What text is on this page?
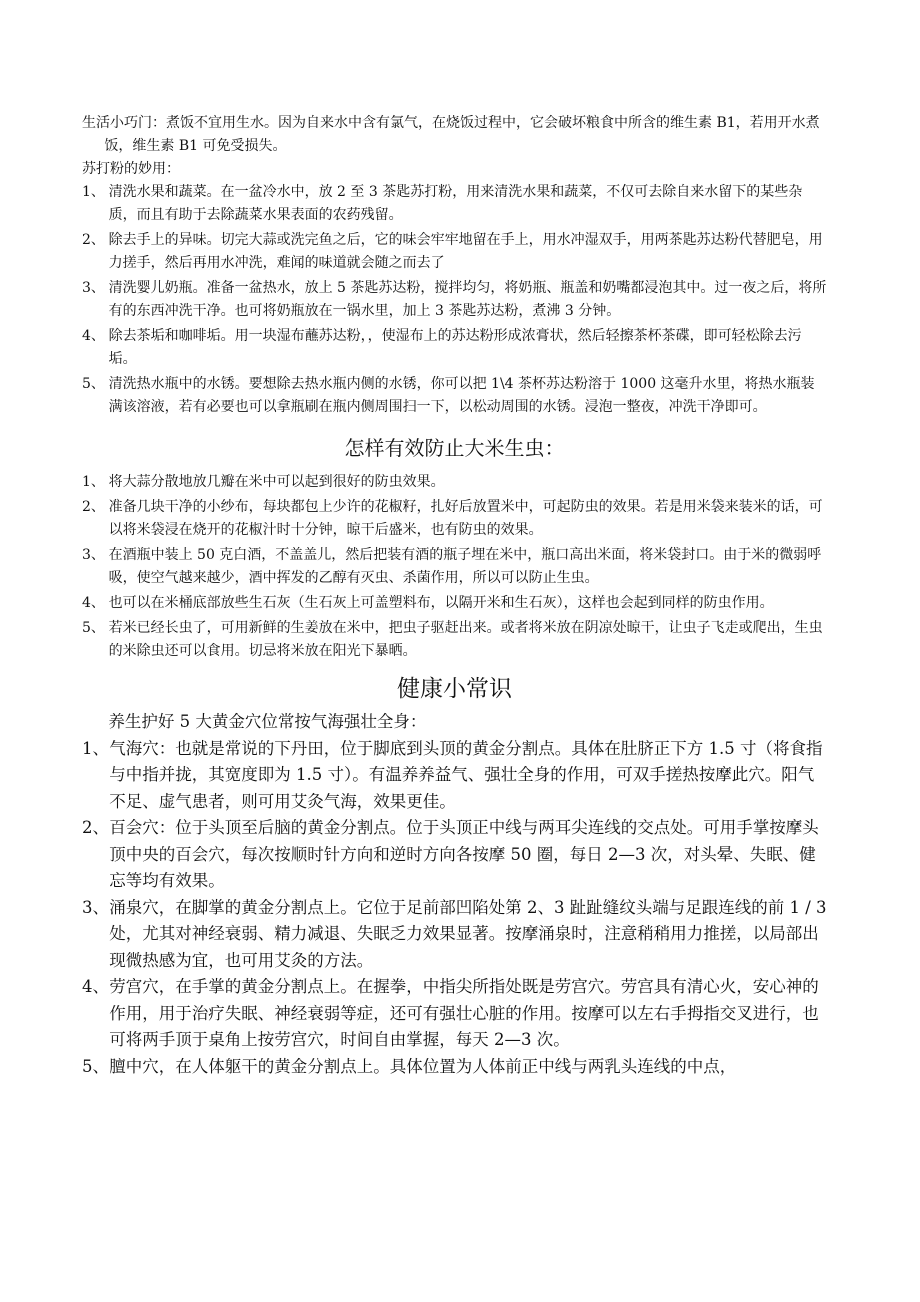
生活小巧门：煮饭不宜用生水。因为自来水中含有氯气，在烧饭过程中，它会破坏粮食中所含的维生素 B1，若用开水煮饭，维生素 B1 可免受损失。

苏打粉的妙用：

1、 清洗水果和蔬菜。在一盆冷水中，放 2 至 3 茶匙苏打粉，用来清洗水果和蔬菜，不仅可去除自来水留下的某些杂质，而且有助于去除蔬菜水果表面的农药残留。
2、 除去手上的异味。切完大蒜或洗完鱼之后，它的味会牢牢地留在手上，用水冲湿双手，用两茶匙苏达粉代替肥皂，用力搓手，然后再用水冲洗，难闻的味道就会随之而去了
3、 清洗婴儿奶瓶。准备一盆热水，放上 5 茶匙苏达粉，搅拌均匀，将奶瓶、瓶盖和奶嘴都浸泡其中。过一夜之后，将所有的东西冲洗干净。也可将奶瓶放在一锅水里，加上 3 茶匙苏达粉，煮沸 3 分钟。
4、 除去茶垢和咖啡垢。用一块湿布蘸苏达粉，，使湿布上的苏达粉形成浓膏状，然后轻擦茶杯茶碟，即可轻松除去污垢。
5、 清洗热水瓶中的水锈。要想除去热水瓶内侧的水锈，你可以把 1\4 茶杯苏达粉溶于 1000 这毫升水里，将热水瓶装满该溶液，若有必要也可以拿瓶刷在瓶内侧周围扫一下，以松动周围的水锈。浸泡一整夜，冲洗干净即可。
怎样有效防止大米生虫：
1、 将大蒜分散地放几瓣在米中可以起到很好的防虫效果。
2、 准备几块干净的小纱布，每块都包上少许的花椒籽，扎好后放置米中，可起防虫的效果。若是用米袋来装米的话，可以将米袋浸在烧开的花椒汁时十分钟，晾干后盛米，也有防虫的效果。
3、 在酒瓶中装上 50 克白酒，不盖盖儿，然后把装有酒的瓶子埋在米中，瓶口高出米面，将米袋封口。由于米的微弱呼吸，使空气越来越少，酒中挥发的乙醇有灭虫、杀菌作用，所以可以防止生虫。
4、 也可以在米桶底部放些生石灰（生石灰上可盖塑料布，以隔开米和生石灰），这样也会起到同样的防虫作用。
5、 若米已经长虫了，可用新鲜的生姜放在米中，把虫子驱赶出来。或者将米放在阴凉处晾干，让虫子飞走或爬出，生虫的米除虫还可以食用。切忌将米放在阳光下暴晒。
健康小常识

养生护好 5 大黄金穴位常按气海强壮全身：

1、 气海穴：也就是常说的下丹田，位于脚底到头顶的黄金分割点。具体在肚脐正下方 1.5 寸（将食指与中指并拢，其宽度即为 1.5 寸）。有温养养益气、强壮全身的作用，可双手搓热按摩此穴。阳气不足、虚气患者，则可用艾灸气海，效果更佳。
2、 百会穴：位于头顶至后脑的黄金分割点。位于头顶正中线与两耳尖连线的交点处。可用手掌按摩头顶中央的百会穴，每次按顺时针方向和逆时方向各按摩 50 圈，每日 2—3 次，对头晕、失眠、健忘等均有效果。
3、 涌泉穴，在脚掌的黄金分割点上。它位于足前部凹陷处第 2、3 趾趾缝纹头端与足跟连线的前 1 / 3 处，尤其对神经衰弱、精力减退、失眠乏力效果显著。按摩涌泉时，注意稍稍用力推搓，以局部出现微热感为宜，也可用艾灸的方法。
4、 劳宫穴，在手掌的黄金分割点上。在握拳，中指尖所指处既是劳宫穴。劳宫具有清心火，安心神的作用，用于治疗失眠、神经衰弱等症，还可有强壮心脏的作用。按摩可以左右手拇指交叉进行，也可将两手顶于桌角上按劳宫穴，时间自由掌握，每天 2—3 次。
5、 膻中穴，在人体躯干的黄金分割点上。具体位置为人体前正中线与两乳头连线的中点，
